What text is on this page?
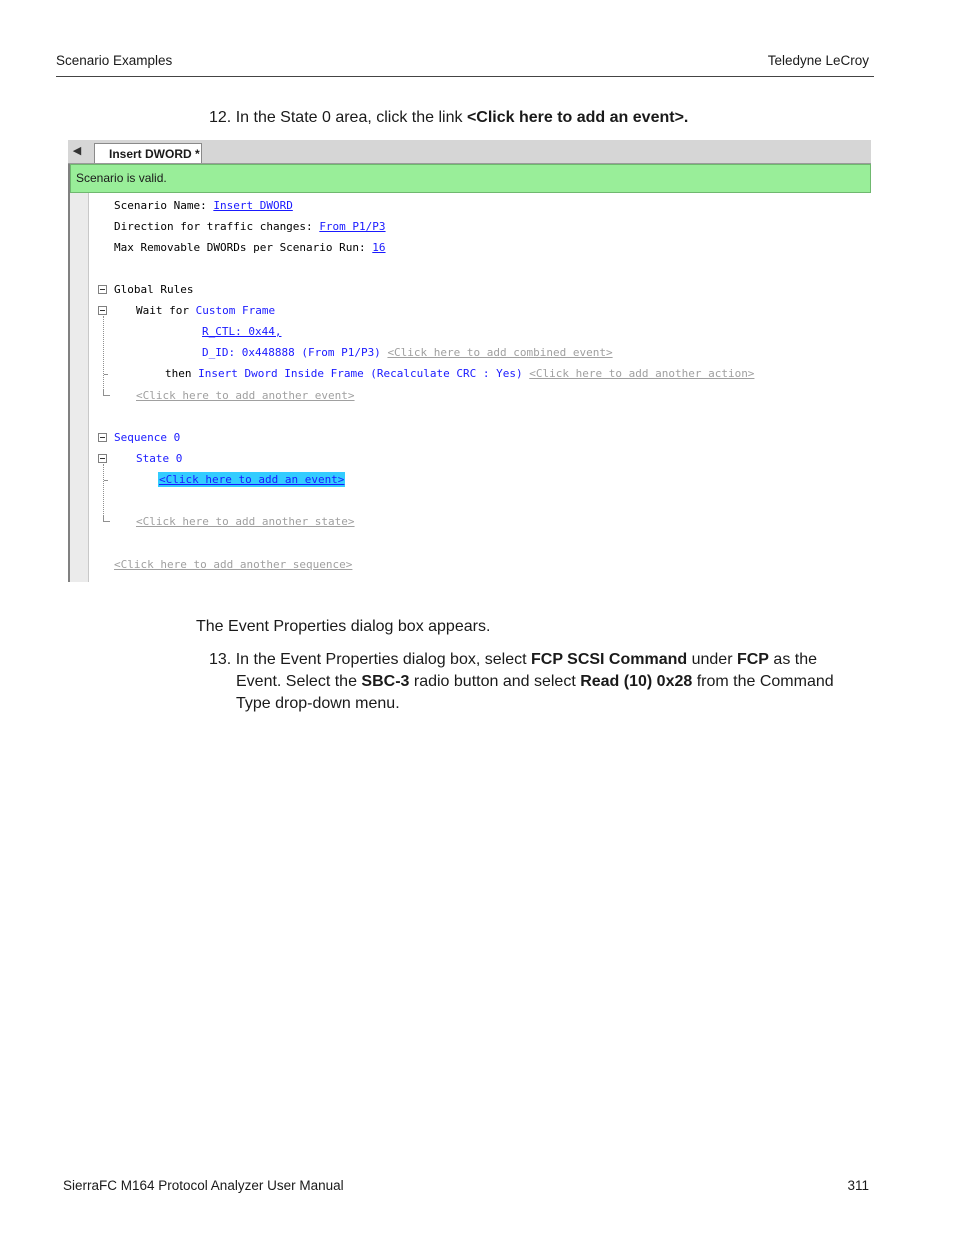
Scenario Examples	Teledyne LeCroy
12. In the State 0 area, click the link <Click here to add an event>.
◀	Insert DWORD *
Scenario is valid.
Scenario Name: Insert DWORD
Direction for traffic changes: From P1/P3
Max Removable DWORDs per Scenario Run: 16
Global Rules
Wait for Custom Frame
R_CTL: 0x44,
D_ID: 0x448888 (From P1/P3) <Click here to add combined event>
then Insert Dword Inside Frame (Recalculate CRC : Yes) <Click here to add another action>
<Click here to add another event>
Sequence 0
State 0
<Click here to add an event>
<Click here to add another state>
<Click here to add another sequence>
The Event Properties dialog box appears.
13. In the Event Properties dialog box, select FCP SCSI Command under FCP as the
Event. Select the SBC-3 radio button and select Read (10) 0x28 from the Command
Type drop-down menu.
SierraFC M164 Protocol Analyzer User Manual	311
